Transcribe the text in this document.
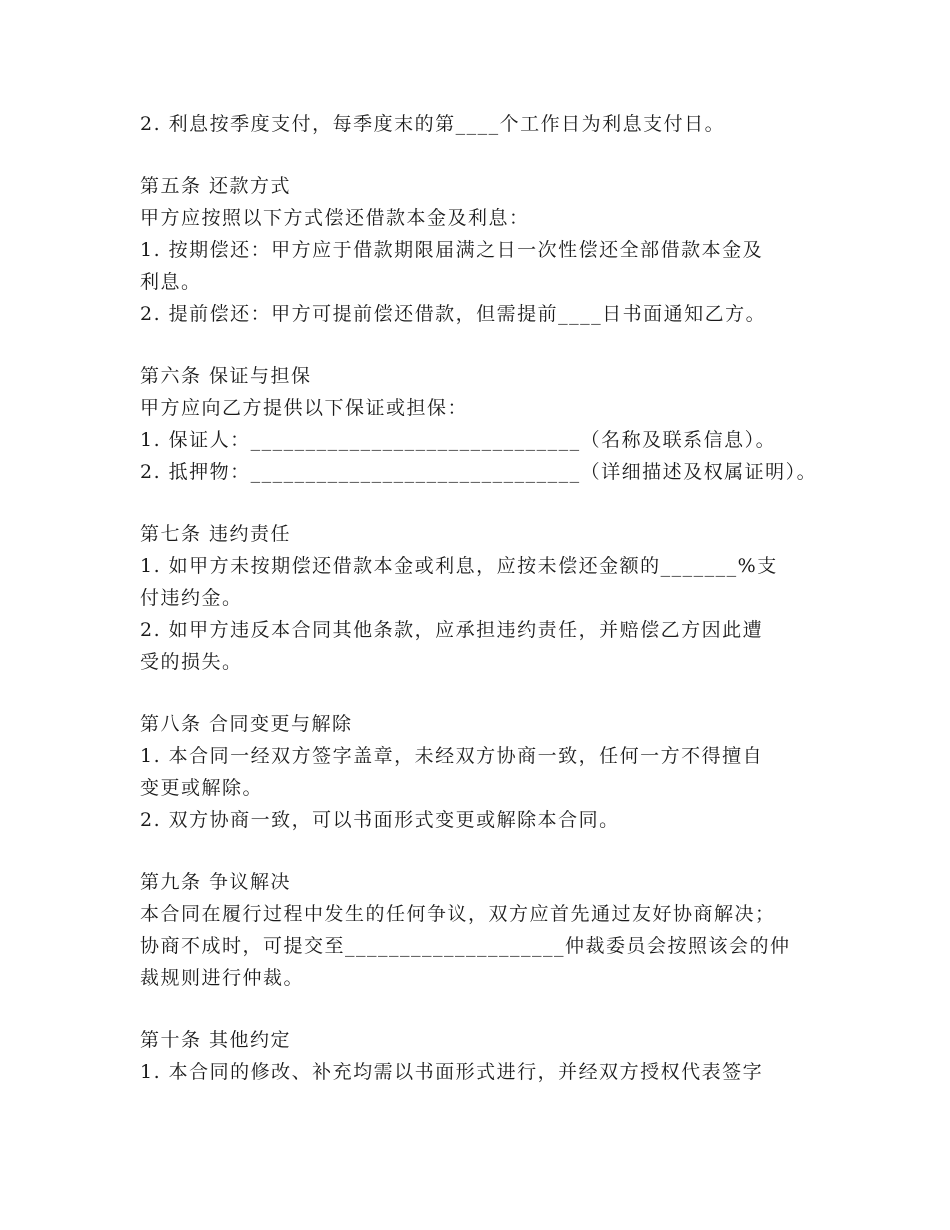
2. 利息按季度支付，每季度末的第____个工作日为利息支付日。
第五条 还款方式
甲方应按照以下方式偿还借款本金及利息：
1. 按期偿还：甲方应于借款期限届满之日一次性偿还全部借款本金及
利息。
2. 提前偿还：甲方可提前偿还借款，但需提前____日书面通知乙方。
第六条 保证与担保
甲方应向乙方提供以下保证或担保：
1. 保证人：______________________________（名称及联系信息）。
2. 抵押物：______________________________（详细描述及权属证明）。
第七条 违约责任
1. 如甲方未按期偿还借款本金或利息，应按未偿还金额的_______%支
付违约金。
2. 如甲方违反本合同其他条款，应承担违约责任，并赔偿乙方因此遭
受的损失。
第八条 合同变更与解除
1. 本合同一经双方签字盖章，未经双方协商一致，任何一方不得擅自
变更或解除。
2. 双方协商一致，可以书面形式变更或解除本合同。
第九条 争议解决
本合同在履行过程中发生的任何争议，双方应首先通过友好协商解决；
协商不成时，可提交至____________________仲裁委员会按照该会的仲
裁规则进行仲裁。
第十条 其他约定
1. 本合同的修改、补充均需以书面形式进行，并经双方授权代表签字
